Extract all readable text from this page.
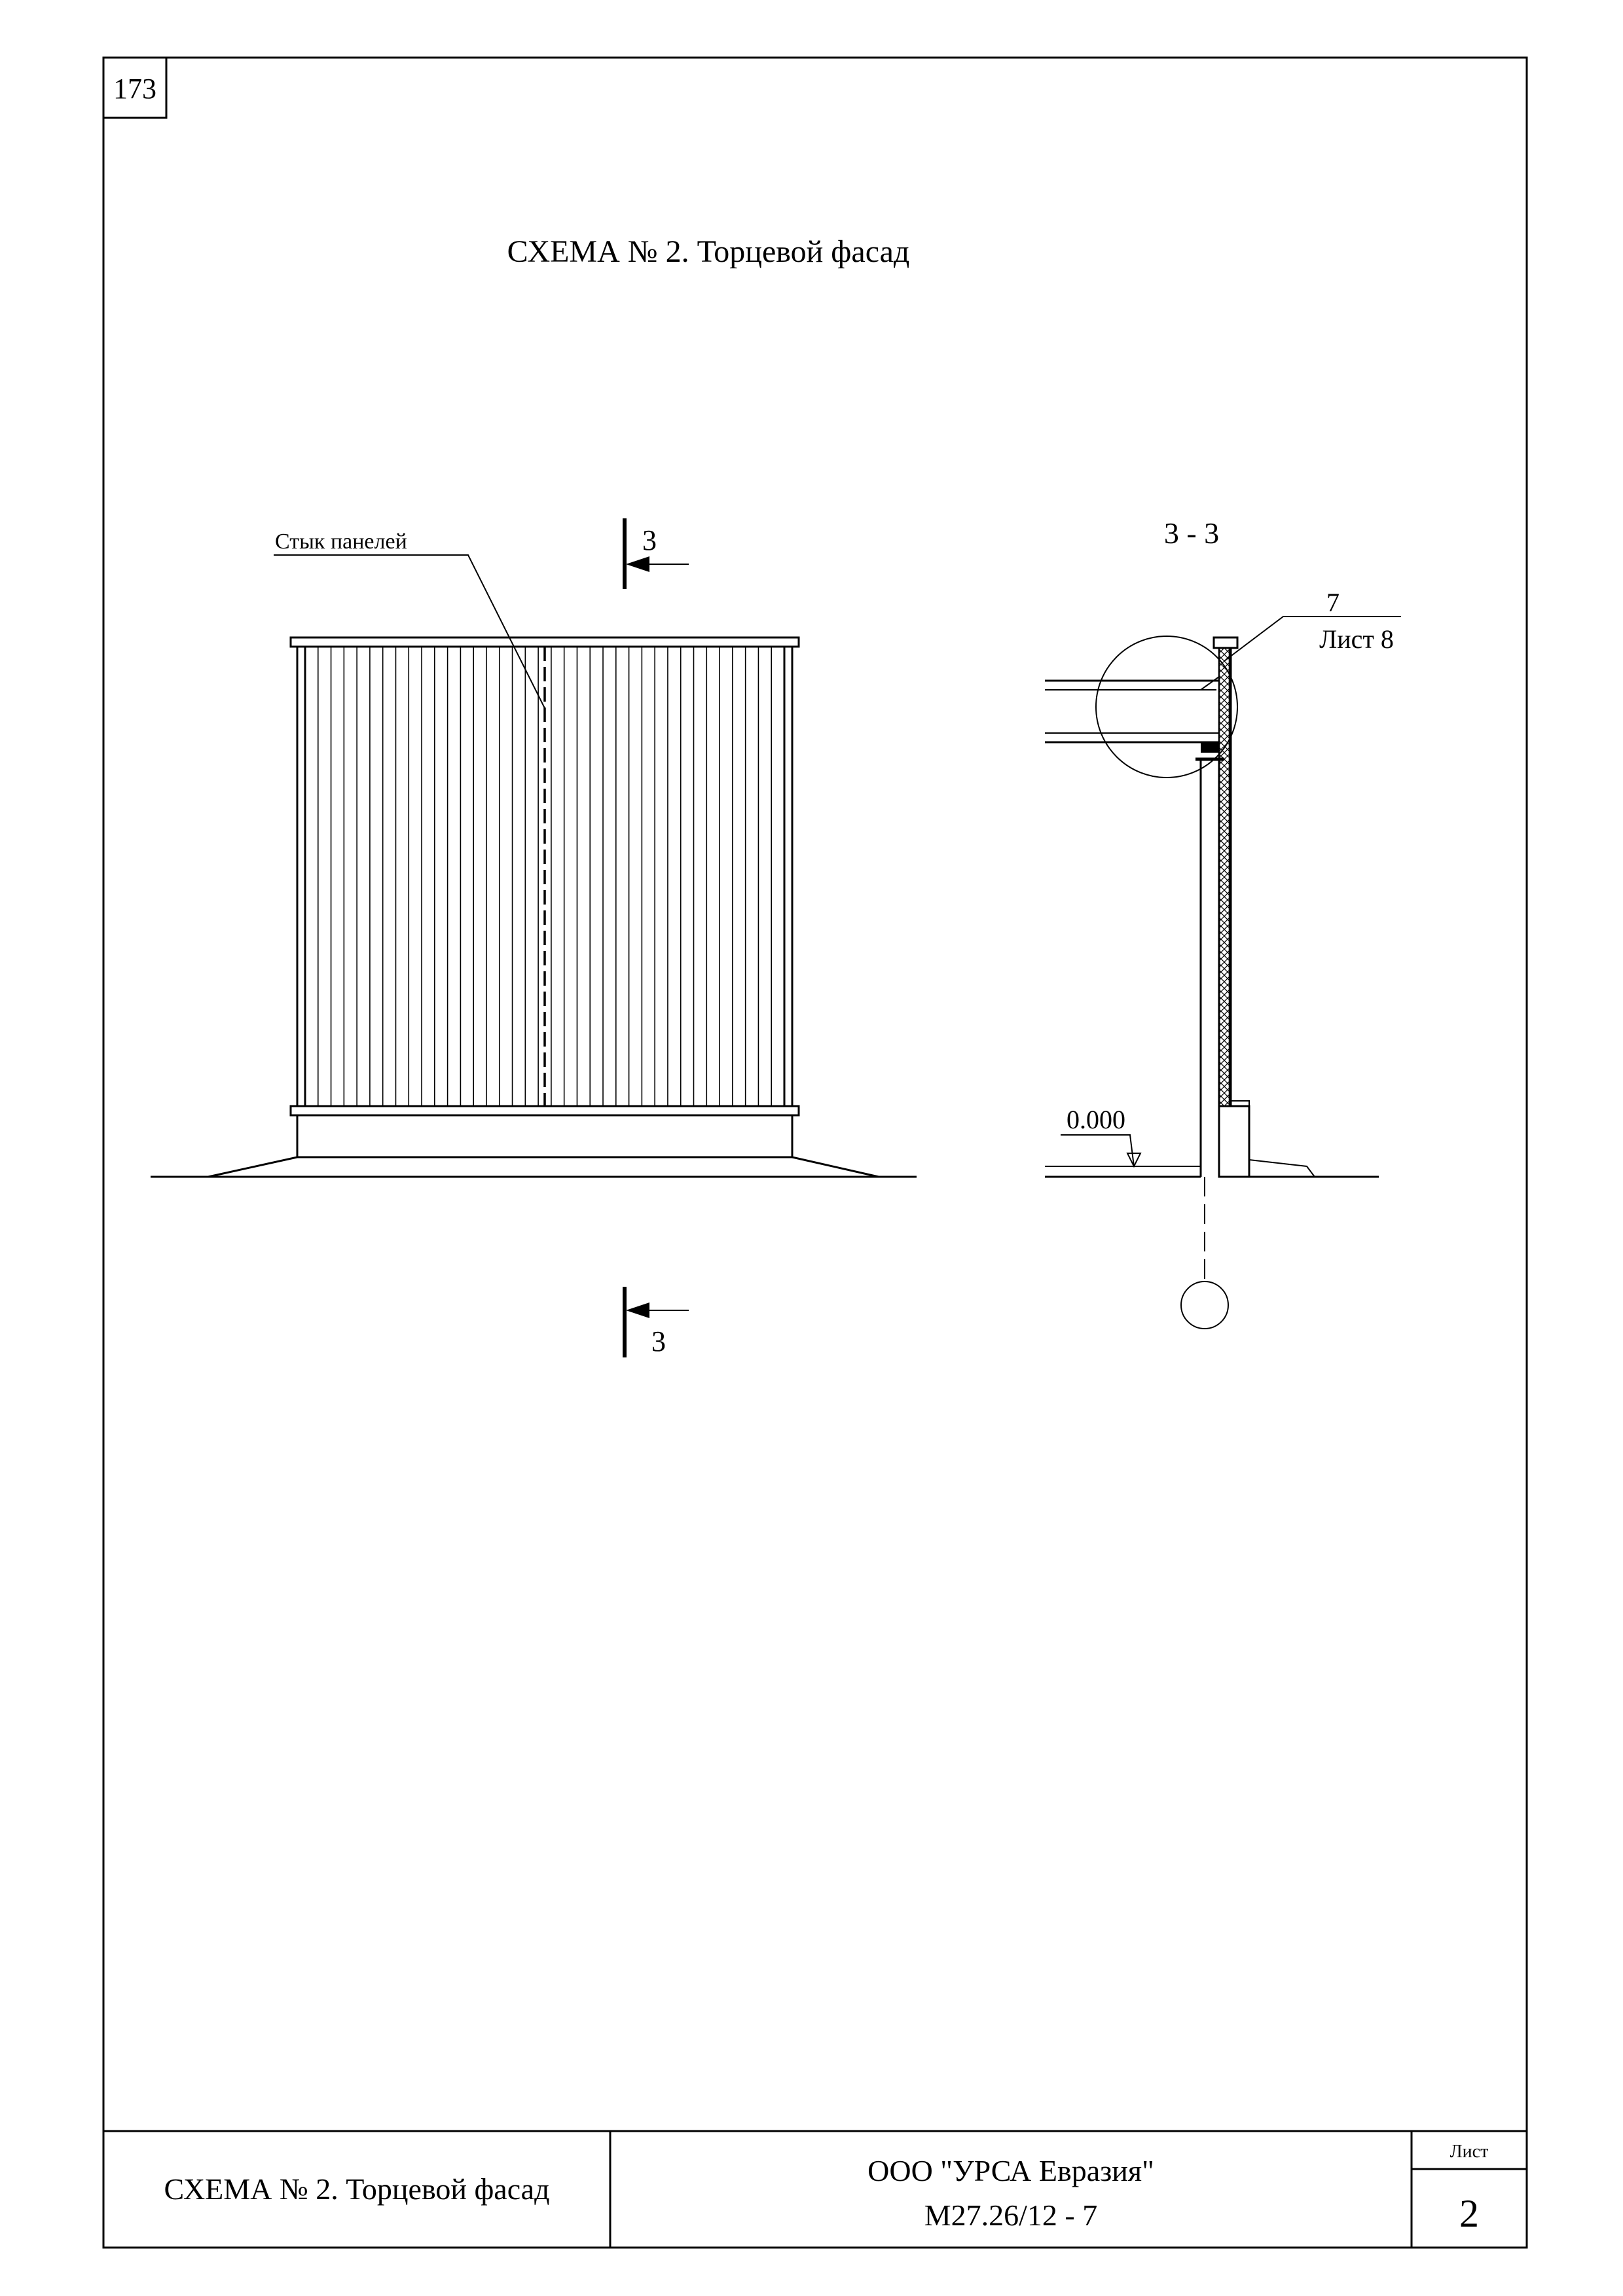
173
СХЕМА № 2. Торцевой фасад
Стык панелей	3
3
3 - 3
7
Лист 8
0.000
СХЕМА № 2. Торцевой фасад
ООО "УРСА Евразия"
М27.26/12 - 7
Лист
2
